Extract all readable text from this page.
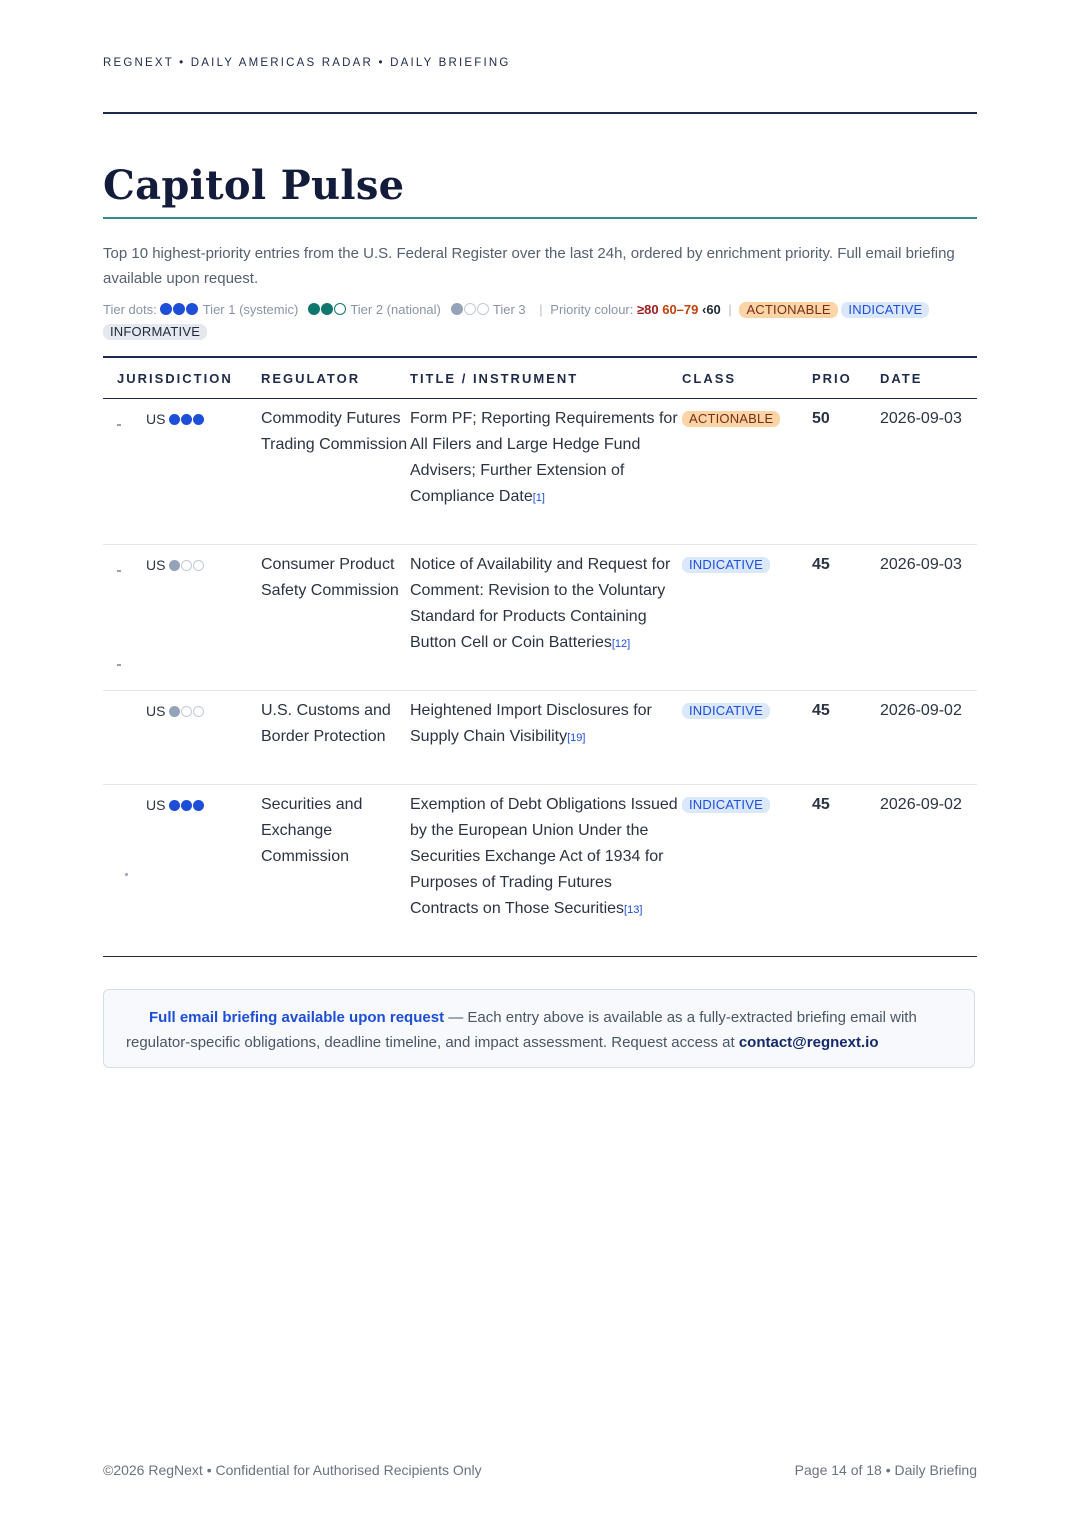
REGNEXT • DAILY AMERICAS RADAR • DAILY BRIEFING
Capitol Pulse

Top 10 highest-priority entries from the U.S. Federal Register over the last 24h, ordered by enrichment priority. Full email briefing available upon request.

Tier dots:	Tier 1 (systemic)	Tier 2 (national)	Tier 3 | Priority colour: ≥80 60–79 ‹60 | ACTIONABLE INDICATIVE
INFORMATIVE
JURISDICTION	REGULATOR	TITLE / INSTRUMENT	CLASS	PRIO	DATE

US	Commodity Futures Trading Commission	Form PF; Reporting Requirements for All Filers and Large Hedge Fund Advisers; Further Extension of Compliance Date[1]	ACTIONABLE	50	2026-09-03

US	Consumer Product Safety Commission	Notice of Availability and Request for Comment: Revision to the Voluntary Standard for Products Containing Button Cell or Coin Batteries[12]	INDICATIVE	45	2026-09-03

US	U.S. Customs and Border Protection	Heightened Import Disclosures for Supply Chain Visibility[19]	INDICATIVE	45	2026-09-02

US	Securities and Exchange Commission	Exemption of Debt Obligations Issued by the European Union Under the Securities Exchange Act of 1934 for Purposes of Trading Futures Contracts on Those Securities[13]	INDICATIVE	45	2026-09-02
Full email briefing available upon request — Each entry above is available as a fully-extracted briefing email with regulator-specific obligations, deadline timeline, and impact assessment. Request access at contact@regnext.io
©2026 RegNext • Confidential for Authorised Recipients Only	Page 14 of 18 • Daily Briefing
